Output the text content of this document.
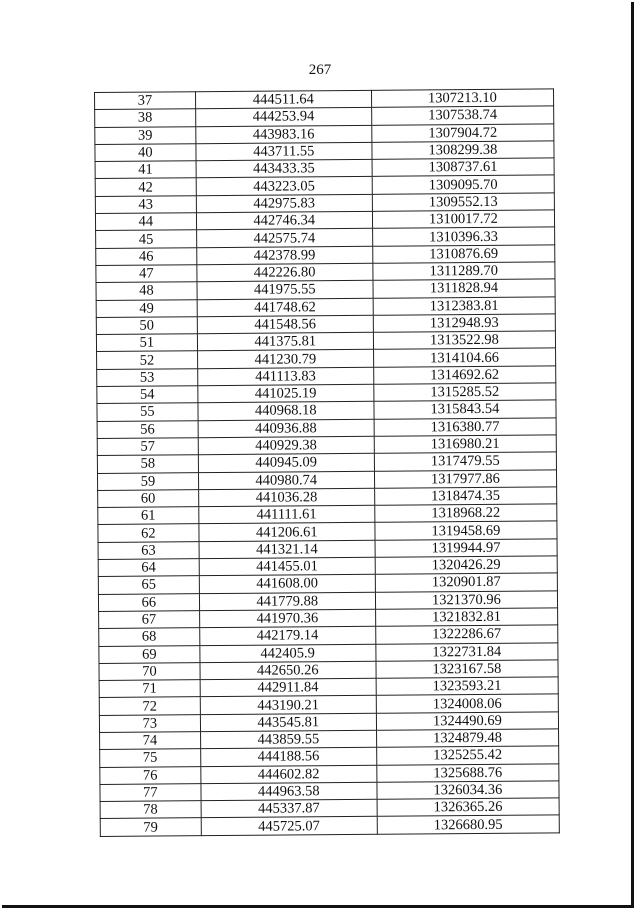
267
37	444511.64	1307213.10
38	444253.94	1307538.74
39	443983.16	1307904.72
40	443711.55	1308299.38
41	443433.35	1308737.61
42	443223.05	1309095.70
43	442975.83	1309552.13
44	442746.34	1310017.72
45	442575.74	1310396.33
46	442378.99	1310876.69
47	442226.80	1311289.70
48	441975.55	1311828.94
49	441748.62	1312383.81
50	441548.56	1312948.93
51	441375.81	1313522.98
52	441230.79	1314104.66
53	441113.83	1314692.62
54	441025.19	1315285.52
55	440968.18	1315843.54
56	440936.88	1316380.77
57	440929.38	1316980.21
58	440945.09	1317479.55
59	440980.74	1317977.86
60	441036.28	1318474.35
61	441111.61	1318968.22
62	441206.61	1319458.69
63	441321.14	1319944.97
64	441455.01	1320426.29
65	441608.00	1320901.87
66	441779.88	1321370.96
67	441970.36	1321832.81
68	442179.14	1322286.67
69	442405.9	1322731.84
70	442650.26	1323167.58
71	442911.84	1323593.21
72	443190.21	1324008.06
73	443545.81	1324490.69
74	443859.55	1324879.48
75	444188.56	1325255.42
76	444602.82	1325688.76
77	444963.58	1326034.36
78	445337.87	1326365.26
79	445725.07	1326680.95
